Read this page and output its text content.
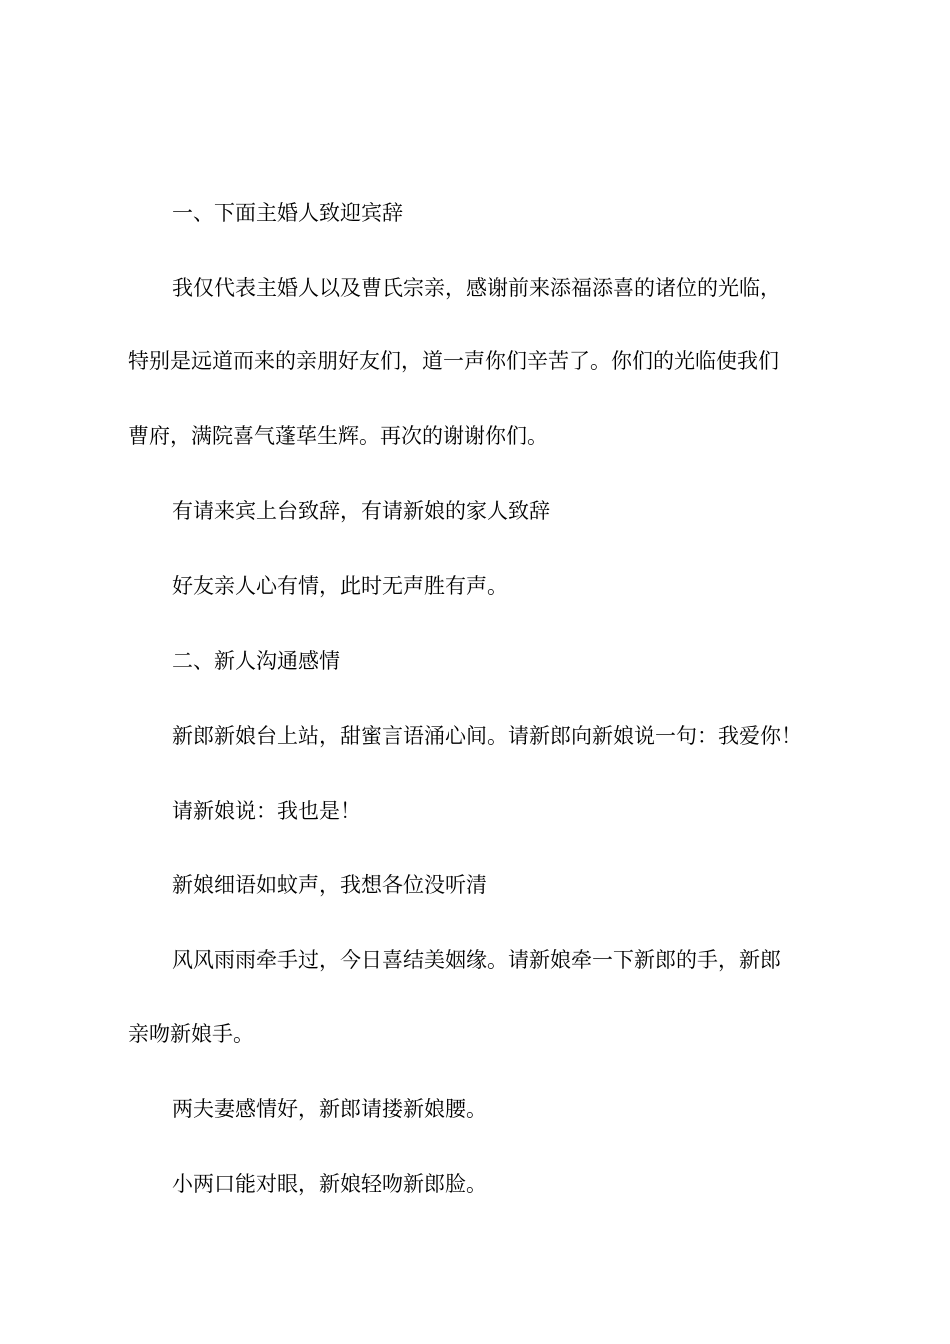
一、下面主婚人致迎宾辞
我仅代表主婚人以及曹氏宗亲，感谢前来添福添喜的诸位的光临，
特别是远道而来的亲朋好友们，道一声你们辛苦了。你们的光临使我们
曹府，满院喜气蓬荜生辉。再次的谢谢你们。
有请来宾上台致辞，有请新娘的家人致辞
好友亲人心有情，此时无声胜有声。
二、新人沟通感情
新郎新娘台上站，甜蜜言语涌心间。请新郎向新娘说一句：我爱你！
请新娘说：我也是！
新娘细语如蚊声，我想各位没听清
风风雨雨牵手过，今日喜结美姻缘。请新娘牵一下新郎的手，新郎
亲吻新娘手。
两夫妻感情好，新郎请搂新娘腰。
小两口能对眼，新娘轻吻新郎脸。
